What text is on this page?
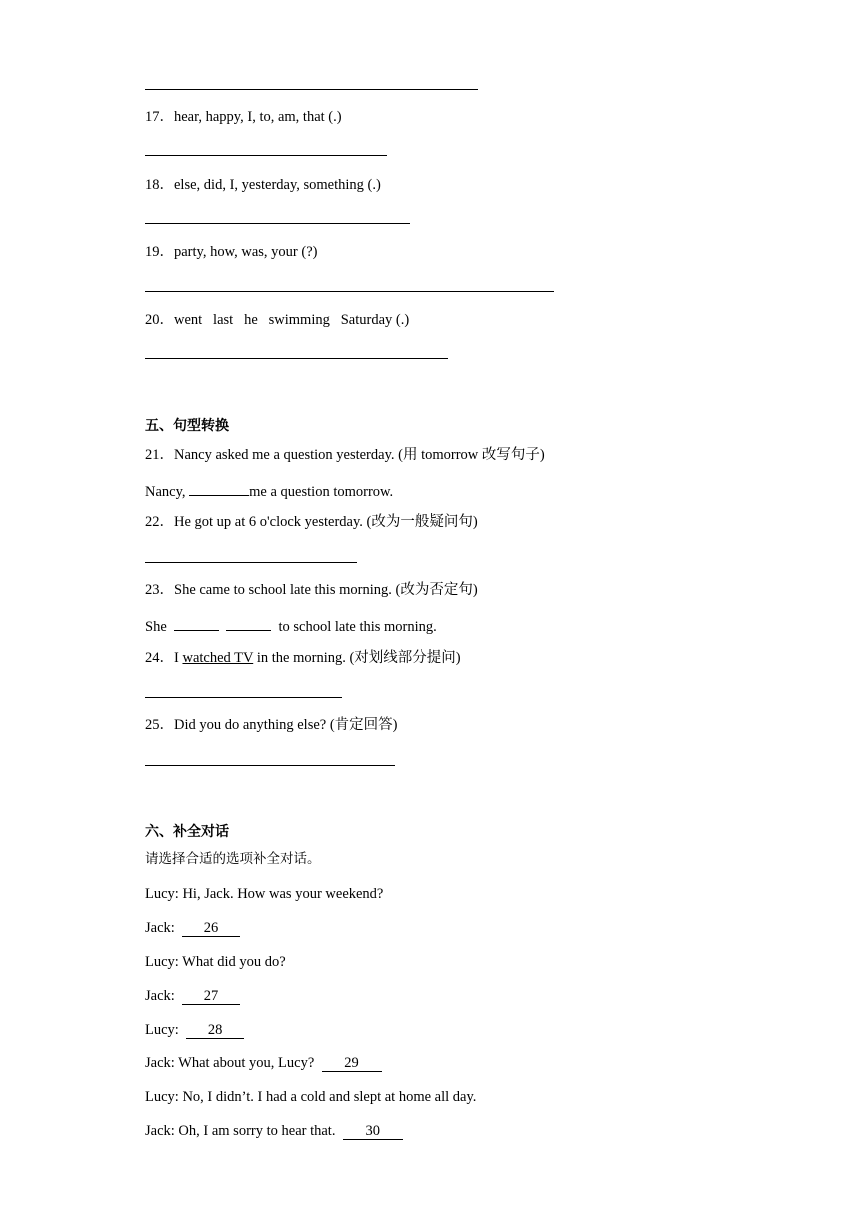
17．hear, happy, I, to, am, that (.)
18．else, did, I, yesterday, something (.)
19．party, how, was, your (?)
20．went   last   he   swimming   Saturday (.)
五、句型转换
21．Nancy asked me a question yesterday. (用 tomorrow 改写句子)
Nancy,	me a question tomorrow.
22．He got up at 6 o'clock yesterday. (改为一般疑问句)
23．She came to school late this morning. (改为否定句)
She	to school late this morning.
24．I watched TV in the morning. (对划线部分提问)
25．Did you do anything else? (肯定回答)
六、补全对话
请选择合适的选项补全对话。
Lucy: Hi, Jack. How was your weekend?
Jack:  26
Lucy: What did you do?
Jack:  27
Lucy:  28
Jack: What about you, Lucy?  29
Lucy: No, I didn’t. I had a cold and slept at home all day.
Jack: Oh, I am sorry to hear that.  30
